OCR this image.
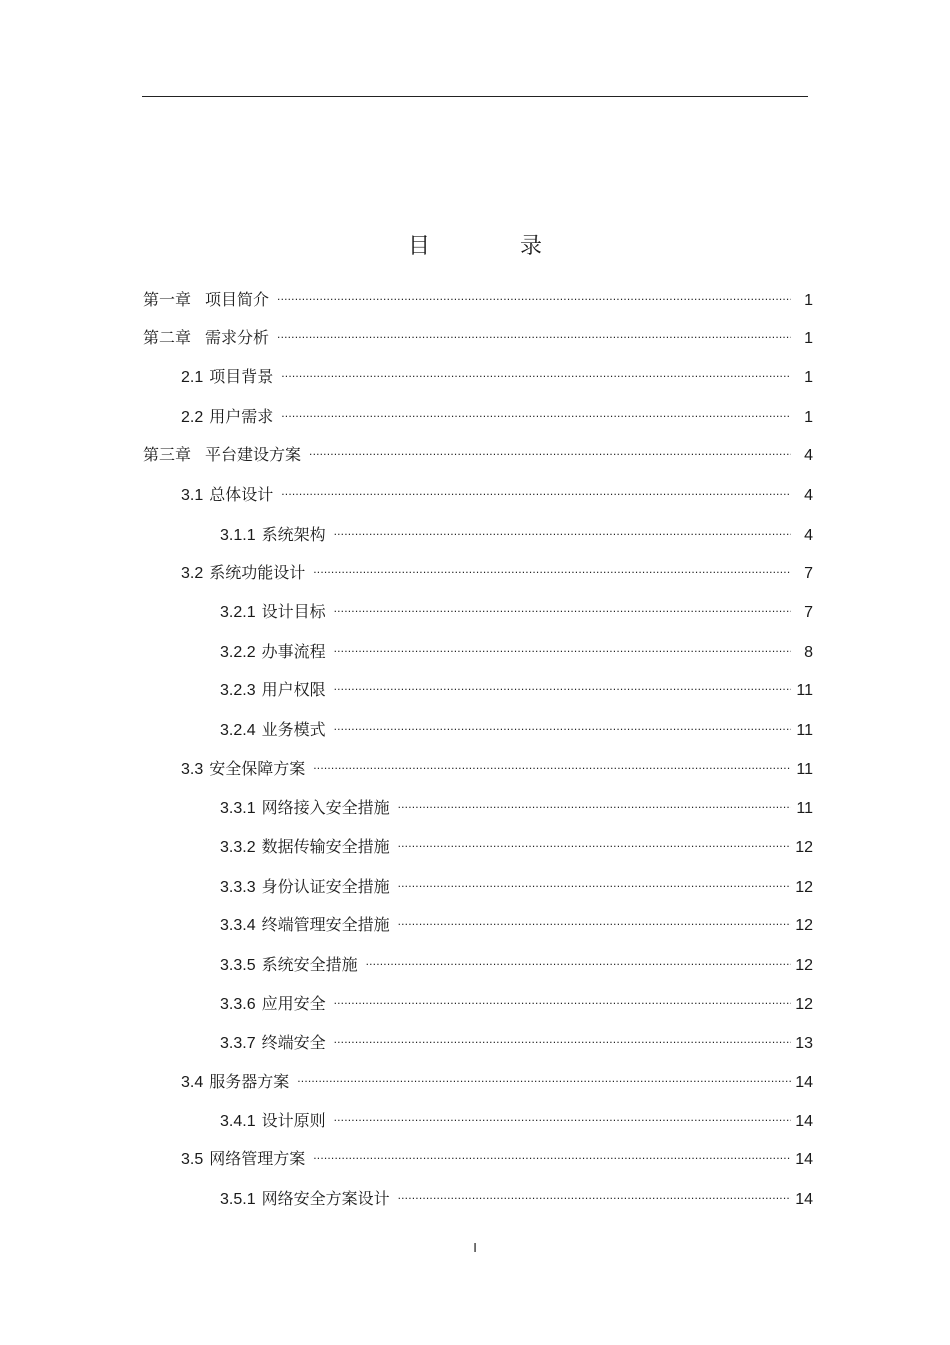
目　录
第一章 项目简介 .....	1
第二章 需求分析 .....	1
2.1 项目背景 .....	1
2.2 用户需求 .....	1
第三章 平台建设方案 .....	4
3.1 总体设计 .....	4
3.1.1 系统架构 .....	4
3.2 系统功能设计 .....	7
3.2.1 设计目标 .....	7
3.2.2 办事流程 .....	8
3.2.3 用户权限 .....	11
3.2.4 业务模式 .....	11
3.3 安全保障方案 .....	11
3.3.1 网络接入安全措施 .....	11
3.3.2 数据传输安全措施 .....	12
3.3.3 身份认证安全措施 .....	12
3.3.4 终端管理安全措施 .....	12
3.3.5 系统安全措施 .....	12
3.3.6 应用安全 .....	12
3.3.7 终端安全 .....	13
3.4 服务器方案 .....	14
3.4.1 设计原则 .....	14
3.5 网络管理方案 .....	14
3.5.1 网络安全方案设计 .....	14
I
